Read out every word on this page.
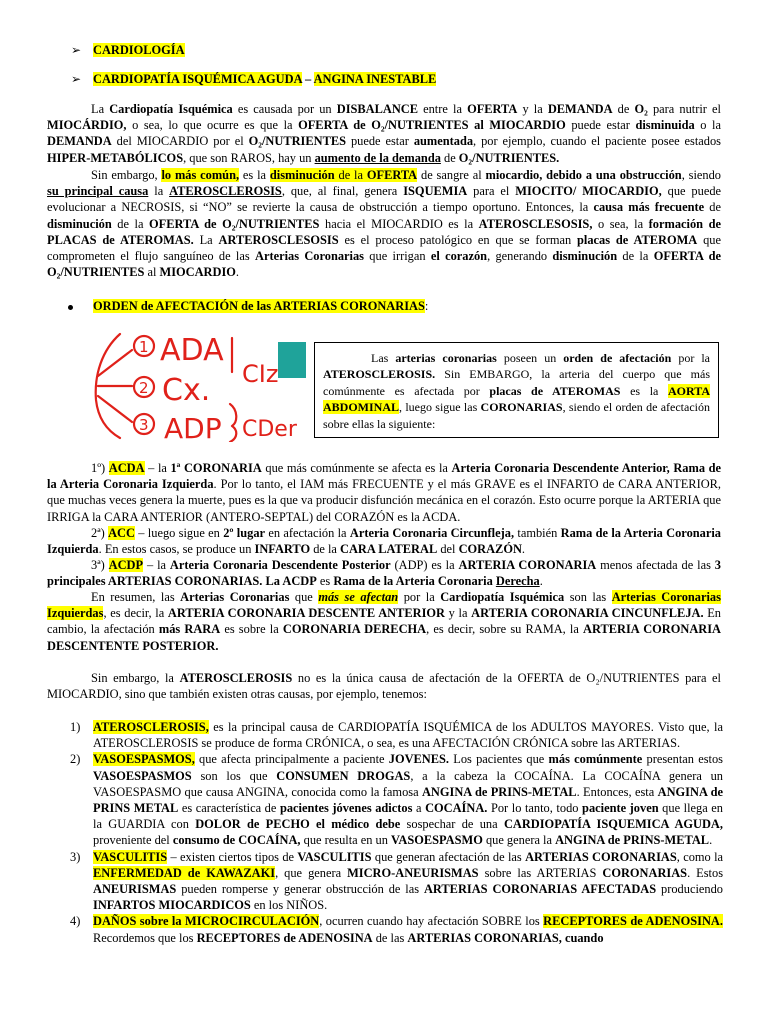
➢ CARDIOLOGÍA
➢ CARDIOPATÍA ISQUÉMICA AGUDA – ANGINA INESTABLE
La Cardiopatía Isquémica es causada por un DISBALANCE entre la OFERTA y la DEMANDA de O₂ para nutrir el MIOCÁRDIO, o sea, lo que ocurre es que la OFERTA de O₂/NUTRIENTES al MIOCARDIO puede estar disminuida o la DEMANDA del MIOCARDIO por el O₂/NUTRIENTES puede estar aumentada, por ejemplo, cuando el paciente posee estados HIPER-METABÓLICOS, que son RAROS, hay un aumento de la demanda de O₂/NUTRIENTES.
Sin embargo, lo más común, es la disminución de la OFERTA de sangre al miocardio, debido a una obstrucción, siendo su principal causa la ATEROSCLEROSIS, que, al final, genera ISQUEMIA para el MIOCITO/ MIOCARDIO, que puede evolucionar a NECROSIS, si “NO” se revierte la causa de obstrucción a tiempo oportuno. Entonces, la causa más frecuente de disminución de la OFERTA de O₂/NUTRIENTES hacia el MIOCARDIO es la ATEROSCLESOSIS, o sea, la formación de PLACAS de ATEROMAS. La ARTEROSCLESOSIS es el proceso patológico en que se forman placas de ATEROMA que comprometen el flujo sanguíneo de las Arterias Coronarias que irrigan el corazón, generando disminución de la OFERTA de O₂/NUTRIENTES al MIOCARDIO.
ORDEN de AFECTACIÓN de las ARTERIAS CORONARIAS:
1 ADA
2 Cx.
3 ADP
CIz
CDer
Las arterias coronarias poseen un orden de afectación por la ATEROSCLEROSIS. Sin EMBARGO, la arteria del cuerpo que más comúnmente es afectada por placas de ATEROMAS es la AORTA ABDOMINAL, luego sigue las CORONARIAS, siendo el orden de afectación sobre ellas la siguiente:
1º) ACDA – la 1ª CORONARIA que más comúnmente se afecta es la Arteria Coronaria Descendente Anterior, Rama de la Arteria Coronaria Izquierda. Por lo tanto, el IAM más FRECUENTE y el más GRAVE es el INFARTO de CARA ANTERIOR, que muchas veces genera la muerte, pues es la que va producir disfunción mecánica en el corazón. Esto ocurre porque la ARTERIA que IRRIGA la CARA ANTERIOR (ANTERO-SEPTAL) del CORAZÓN es la ACDA.
2ª) ACC – luego sigue en 2º lugar en afectación la Arteria Coronaria Circunfleja, también Rama de la Arteria Coronaria Izquierda. En estos casos, se produce un INFARTO de la CARA LATERAL del CORAZÓN.
3ª) ACDP – la Arteria Coronaria Descendente Posterior (ADP) es la ARTERIA CORONARIA menos afectada de las 3 principales ARTERIAS CORONARIAS. La ACDP es Rama de la Arteria Coronaria Derecha.
En resumen, las Arterias Coronarias que más se afectan por la Cardiopatía Isquémica son las Arterias Coronarias Izquierdas, es decir, la ARTERIA CORONARIA DESCENTE ANTERIOR y la ARTERIA CORONARIA CINCUNFLEJA. En cambio, la afectación más RARA es sobre la CORONARIA DERECHA, es decir, sobre su RAMA, la ARTERIA CORONARIA DESCENTENTE POSTERIOR.
Sin embargo, la ATEROSCLEROSIS no es la única causa de afectación de la OFERTA de O₂/NUTRIENTES para el MIOCARDIO, sino que también existen otras causas, por ejemplo, tenemos:
1) ATEROSCLEROSIS, es la principal causa de CARDIOPATÍA ISQUÉMICA de los ADULTOS MAYORES. Visto que, la ATEROSCLEROSIS se produce de forma CRÓNICA, o sea, es una AFECTACIÓN CRÓNICA sobre las ARTERIAS.
2) VASOESPASMOS, que afecta principalmente a paciente JOVENES. Los pacientes que más comúnmente presentan estos VASOESPASMOS son los que CONSUMEN DROGAS, a la cabeza la COCAÍNA. La COCAÍNA genera un VASOESPASMO que causa ANGINA, conocida como la famosa ANGINA de PRINS-METAL. Entonces, esta ANGINA de PRINS METAL es característica de pacientes jóvenes adictos a COCAÍNA. Por lo tanto, todo paciente joven que llega en la GUARDIA con DOLOR de PECHO el médico debe sospechar de una CARDIOPATÍA ISQUEMICA AGUDA, proveniente del consumo de COCAÍNA, que resulta en un VASOESPASMO que genera la ANGINA de PRINS-METAL.
3) VASCULITIS – existen ciertos tipos de VASCULITIS que generan afectación de las ARTERIAS CORONARIAS, como la ENFERMEDAD de KAWAZAKI, que genera MICRO-ANEURISMAS sobre las ARTERIAS CORONARIAS. Estos ANEURISMAS pueden romperse y generar obstrucción de las ARTERIAS CORONARIAS AFECTADAS produciendo INFARTOS MIOCARDICOS en los NIÑOS.
4) DAÑOS sobre la MICROCIRCULACIÓN, ocurren cuando hay afectación SOBRE los RECEPTORES de ADENOSINA. Recordemos que los RECEPTORES de ADENOSINA de las ARTERIAS CORONARIAS, cuando
